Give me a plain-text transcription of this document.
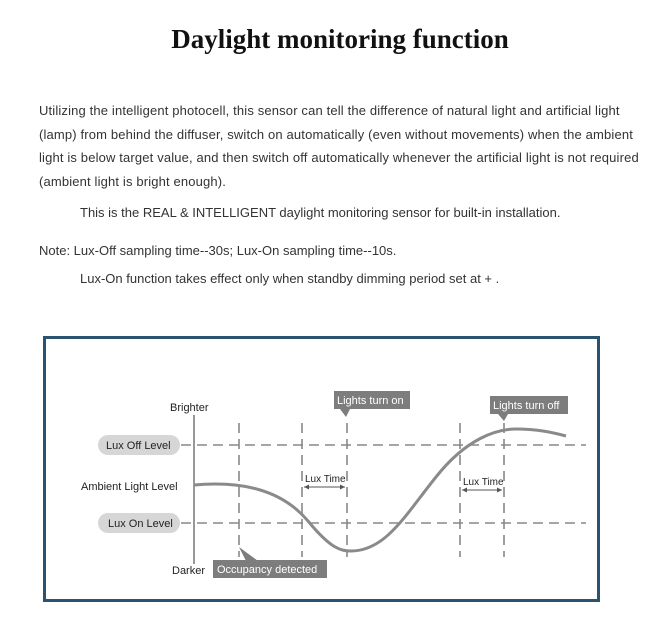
Daylight monitoring function
Utilizing the intelligent photocell, this sensor can tell the difference of natural light and artificial light (lamp) from behind the diffuser, switch on automatically (even without movements) when the ambient light is below target value, and then switch off automatically whenever the artificial light is not required (ambient light is bright enough).
This is the REAL & INTELLIGENT daylight monitoring sensor for built-in installation.
Note: Lux-Off sampling time--30s; Lux-On sampling time--10s.
Lux-On function takes effect only when standby dimming period set at + .
Lux Time	Lux Time
Brighter
Ambient Light Level
Darker
Lux Off Level
Lux On Level
Lights turn on	Lights turn off
Occupancy detected
